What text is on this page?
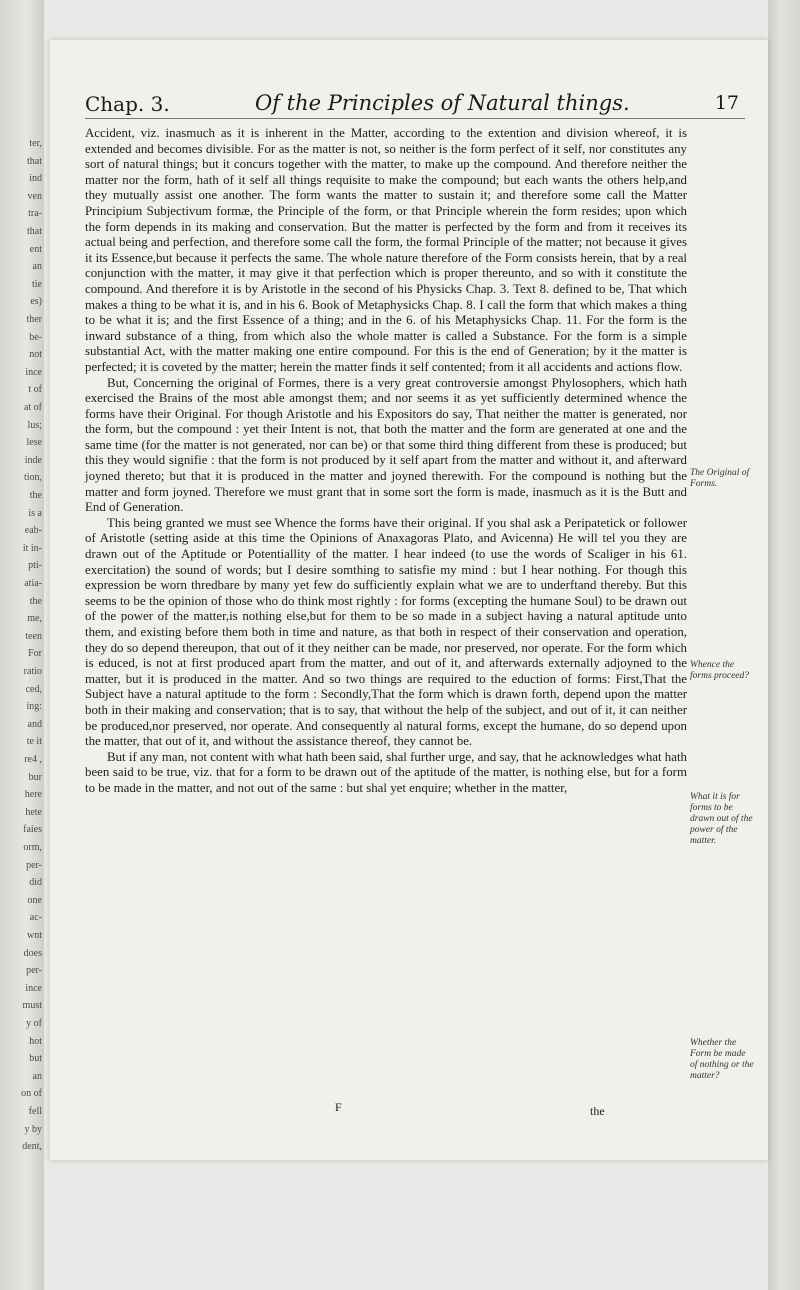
ter,
that
ind
ven
tra-
that
ent
an
tie
es)
ther
be-
not
ince
t of
at of
lus;
lese
inde
tion,
the
is a
eab-
it in-
pti-
atia-
the
me,
teen
For
ratio
ced,
ing:
and
te it
re4 ,
bur
here
hete
faies
orm,
per-
did
one
ac-
wnt
does
per-
ince
must
y of
hot
but
an
on of
fell
y by
dent,
Chap. 3.	Of the Principles of Natural things.	17

Accident, viz. inasmuch as it is inherent in the Matter, according to the extention and division whereof, it is extended and becomes divisible. For as the matter is not, so neither is the form perfect of it self, nor constitutes any sort of natural things; but it concurs together with the matter, to make up the compound. And therefore neither the matter nor the form, hath of it self all things requisite to make the compound; but each wants the others help,and they mutually assist one another. The form wants the matter to sustain it; and therefore some call the Matter Principium Subjectivum formæ, the Principle of the form, or that Principle wherein the form resides; upon which the form depends in its making and conservation. But the matter is perfected by the form and from it receives its actual being and perfection, and therefore some call the form, the formal Principle of the matter; not because it gives it its Essence,but because it perfects the same. The whole nature therefore of the Form consists herein, that by a real conjunction with the matter, it may give it that perfection which is proper thereunto, and so with it constitute the compound. And therefore it is by Aristotle in the second of his Physicks Chap. 3. Text 8. defined to be, That which makes a thing to be what it is, and in his 6. Book of Metaphysicks Chap. 8. I call the form that which makes a thing to be what it is; and the first Essence of a thing; and in the 6. of his Metaphysicks Chap. 11. For the form is the inward substance of a thing, from which also the whole matter is called a Substance. For the form is a simple substantial Act, with the matter making one entire compound. For this is the end of Generation; by it the matter is perfected; it is coveted by the matter; herein the matter finds it self contented; from it all accidents and actions flow.

But, Concerning the original of Formes, there is a very great controversie amongst Phylosophers, which hath exercised the Brains of the most able amongst them; and nor seems it as yet sufficiently determined whence the forms have their Original. For though Aristotle and his Expositors do say, That neither the matter is generated, nor the form, but the compound : yet their Intent is not, that both the matter and the form are generated at one and the same time (for the matter is not generated, nor can be) or that some third thing different from these is produced; but this they would signifie : that the form is not produced by it self apart from the matter and without it, and afterward joyned thereto; but that it is produced in the matter and joyned therewith. For the compound is nothing but the matter and form joyned. Therefore we must grant that in some sort the form is made, inasmuch as it is the Butt and End of Generation.

This being granted we must see Whence the forms have their original. If you shal ask a Peripatetick or follower of Aristotle (setting aside at this time the Opinions of Anaxagoras Plato, and Avicenna) He will tel you they are drawn out of the Aptitude or Potentiallity of the matter. I hear indeed (to use the words of Scaliger in his 61. exercitation) the sound of words; but I desire somthing to satisfie my mind : but I hear nothing. For though this expression be worn thredbare by many yet few do sufficiently explain what we are to underftand thereby. But this seems to be the opinion of those who do think most rightly : for forms (excepting the humane Soul) to be drawn out of the power of the matter,is nothing else,but for them to be so made in a subject having a natural aptitude unto them, and existing before them both in time and nature, as that both in respect of their conservation and operation, they do so depend thereupon, that out of it they neither can be made, nor preserved, nor operate. For the form which is educed, is not at first produced apart from the matter, and out of it, and afterwards externally adjoyned to the matter, but it is produced in the matter. And so two things are required to the eduction of forms: First,That the Subject have a natural aptitude to the form : Secondly,That the form which is drawn forth, depend upon the matter both in their making and conservation; that is to say, that without the help of the subject, and out of it, it can neither be produced,nor preserved, nor operate. And consequently al natural forms, except the humane, do so depend upon the matter, that out of it, and without the assistance thereof, they cannot be.

But if any man, not content with what hath been said, shal further urge, and say, that he acknowledges what hath been said to be true, viz. that for a form to be drawn out of the aptitude of the matter, is nothing else, but for a form to be made in the matter, and not out of the same : but shal yet enquire; whether in the matter,

The Original of Forms.
Whence the forms proceed?
What it is for forms to be drawn out of the power of the matter.
Whether the Form be made of nothing or the matter?
F	the
